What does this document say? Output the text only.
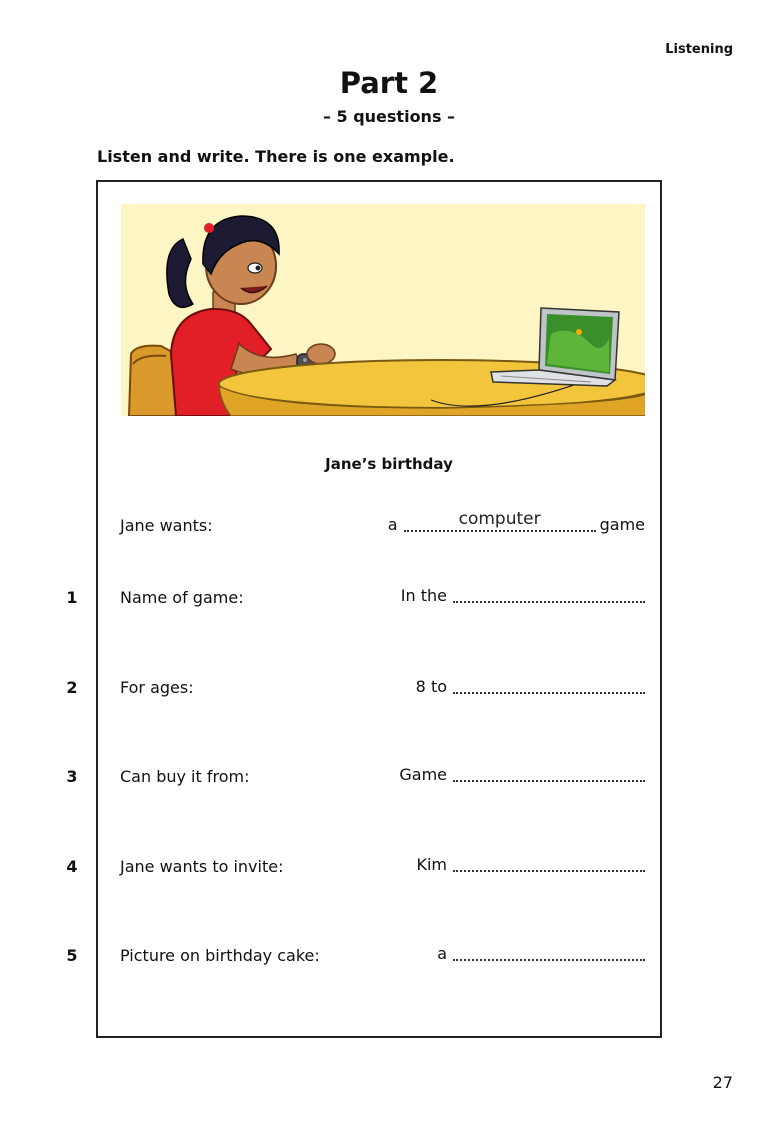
Listening
Part 2
– 5 questions –
Listen and write. There is one example.
Jane’s birthday
Jane wants:	a	computer	game
1	Name of game:	In the
2	For ages:	8 to
3	Can buy it from:	Game
4	Jane wants to invite:	Kim
5	Picture on birthday cake:	a
27
